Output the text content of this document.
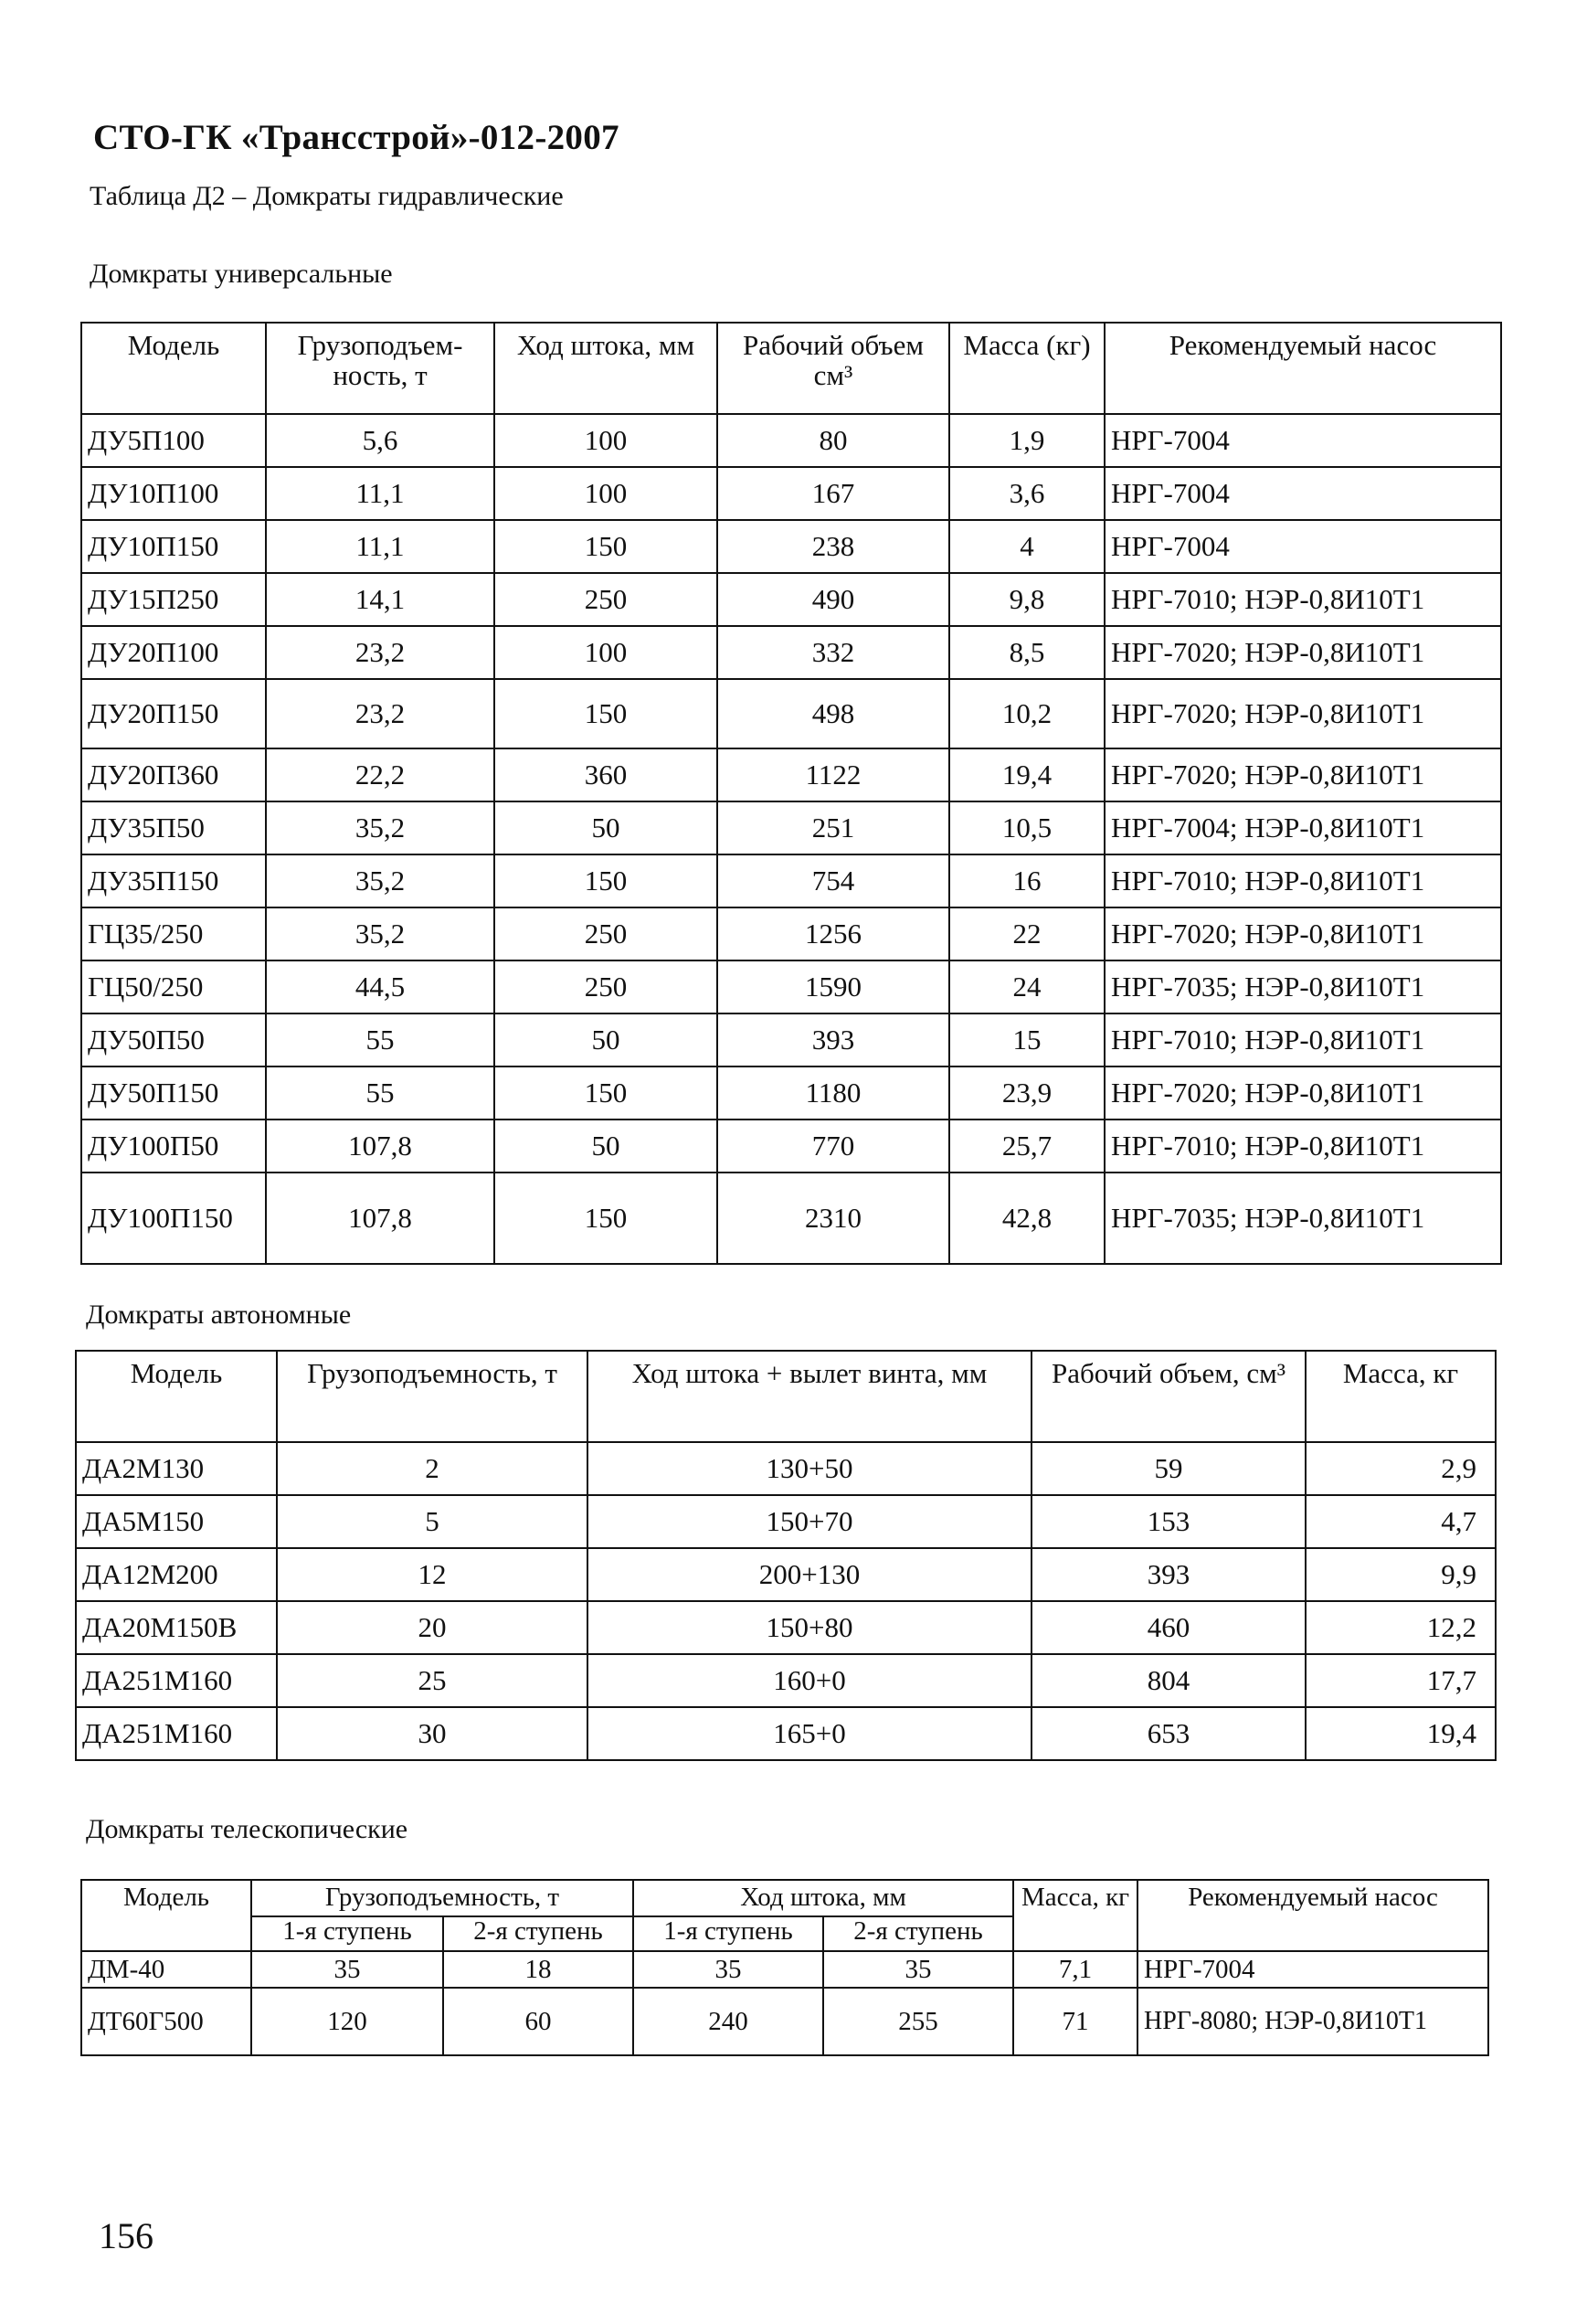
СТО-ГК «Трансстрой»-012-2007
Таблица Д2 – Домкраты гидравлические
Домкраты универсальные
Модель	Грузоподъем-ность, т	Ход штока, мм	Рабочий объем см³	Масса (кг)	Рекомендуемый насос
ДУ5П100	5,6	100	80	1,9	НРГ-7004
ДУ10П100	11,1	100	167	3,6	НРГ-7004
ДУ10П150	11,1	150	238	4	НРГ-7004
ДУ15П250	14,1	250	490	9,8	НРГ-7010; НЭР-0,8И10Т1
ДУ20П100	23,2	100	332	8,5	НРГ-7020; НЭР-0,8И10Т1
ДУ20П150	23,2	150	498	10,2	НРГ-7020; НЭР-0,8И10Т1
ДУ20П360	22,2	360	1122	19,4	НРГ-7020; НЭР-0,8И10Т1
ДУ35П50	35,2	50	251	10,5	НРГ-7004; НЭР-0,8И10Т1
ДУ35П150	35,2	150	754	16	НРГ-7010; НЭР-0,8И10Т1
ГЦ35/250	35,2	250	1256	22	НРГ-7020; НЭР-0,8И10Т1
ГЦ50/250	44,5	250	1590	24	НРГ-7035; НЭР-0,8И10Т1
ДУ50П50	55	50	393	15	НРГ-7010; НЭР-0,8И10Т1
ДУ50П150	55	150	1180	23,9	НРГ-7020; НЭР-0,8И10Т1
ДУ100П50	107,8	50	770	25,7	НРГ-7010; НЭР-0,8И10Т1
ДУ100П150	107,8	150	2310	42,8	НРГ-7035; НЭР-0,8И10Т1
Домкраты автономные
Модель	Грузоподъемность, т	Ход штока + вылет винта, мм	Рабочий объем, см³	Масса, кг
ДА2М130	2	130+50	59	2,9
ДА5М150	5	150+70	153	4,7
ДА12М200	12	200+130	393	9,9
ДА20М150В	20	150+80	460	12,2
ДА251М160	25	160+0	804	17,7
ДА251М160	30	165+0	653	19,4
Домкраты телескопические
Модель	Грузоподъемность, т		Ход штока, мм		Масса, кг	Рекомендуемый насос
	1-я ступень	2-я ступень	1-я ступень	2-я ступень		
ДМ-40	35	18	35	35	7,1	НРГ-7004
ДТ60Г500	120	60	240	255	71	НРГ-8080; НЭР-0,8И10Т1
156
